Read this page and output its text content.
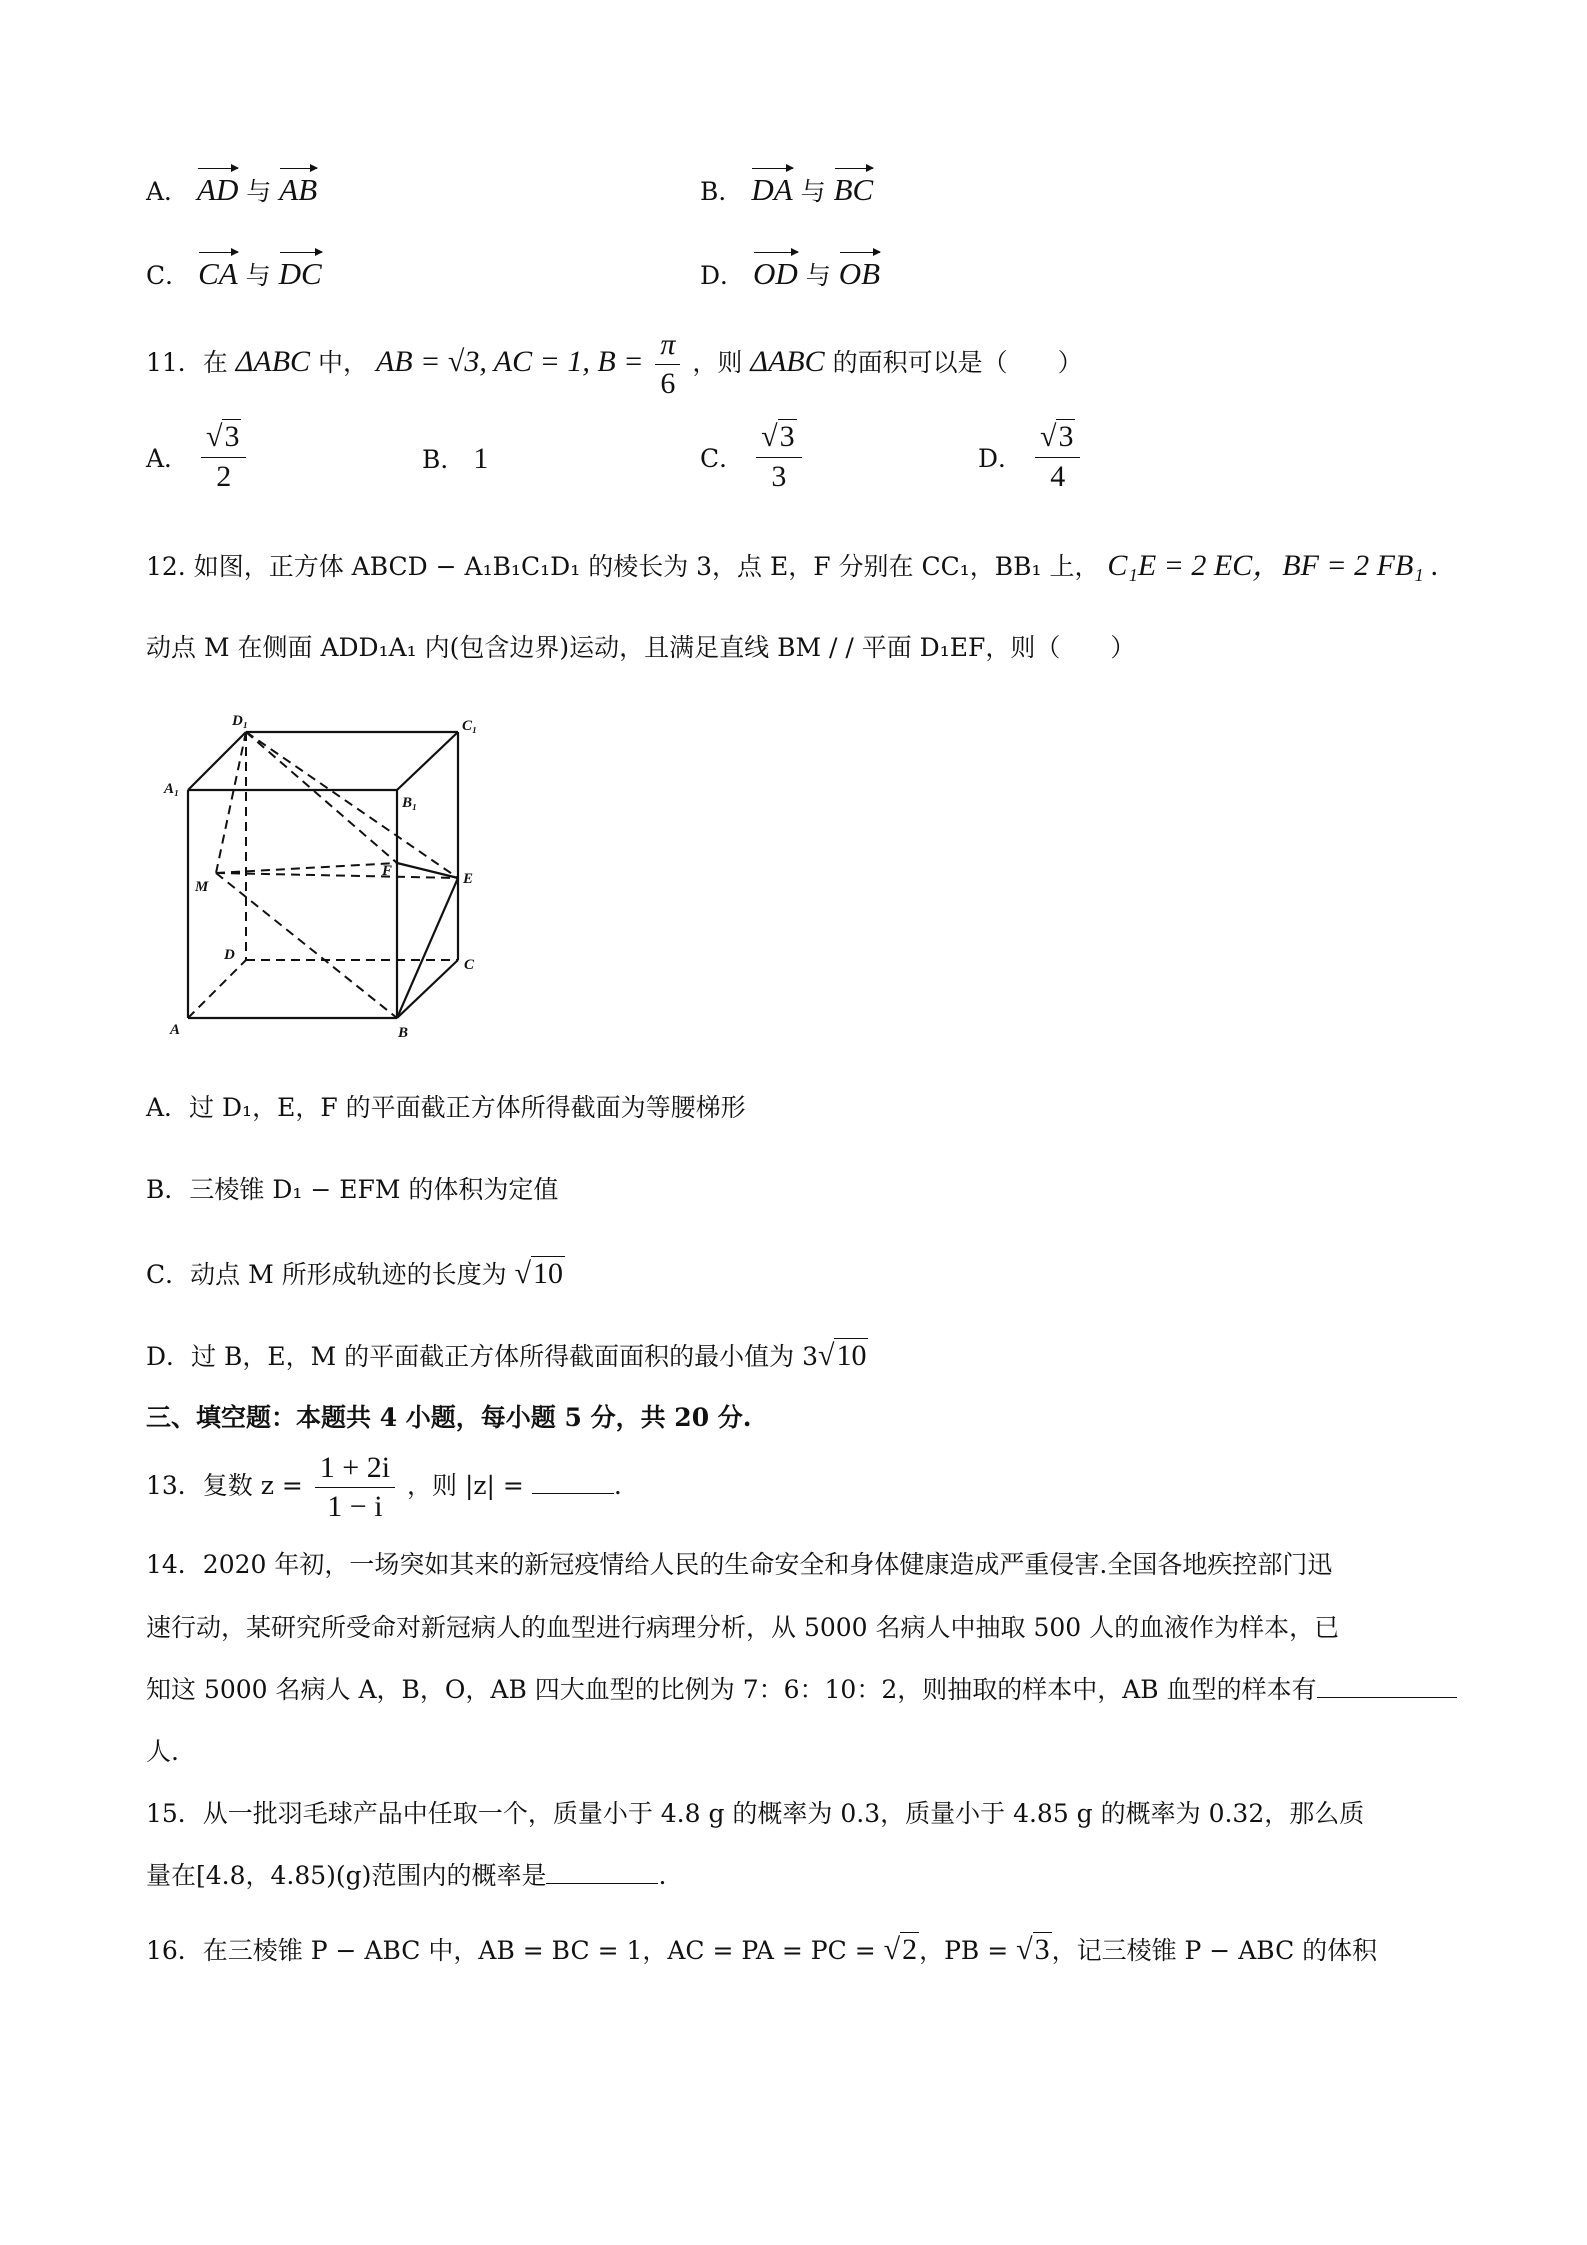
A． AD 与 AB	B． DA 与 BC
C． CA 与 DC	D． OD 与 OB
11．在 ΔABC 中， AB = √3, AC = 1, $B = \frac{\pi}{6}$ ，则 ΔABC 的面积可以是（　　）
A． $\frac{√3}{2}$	B． 1	C． $\frac{√3}{3}$	D． $\frac{√3}{4}$
12. 如图，正方体 ABCD − A₁B₁C₁D₁ 的棱长为 3，点 E，F 分别在 CC₁，BB₁ 上， C₁E = 2 EC，BF = 2 FB₁ .
动点 M 在侧面 ADD₁A₁ 内(包含边界)运动，且满足直线 BM / / 平面 D₁EF，则（　　）
D₁	C₁
A₁
B₁
M
F	E
D
C
A	B
A．过 D₁，E，F 的平面截正方体所得截面为等腰梯形
B．三棱锥 D₁ − EFM 的体积为定值
C．动点 M 所形成轨迹的长度为 √10
D．过 B，E，M 的平面截正方体所得截面面积的最小值为 3√10
三、填空题：本题共 4 小题，每小题 5 分，共 20 分.
13．复数 $z = \frac{1 + 2i}{1 - i}$ ，则 |z| =	.
14．2020 年初，一场突如其来的新冠疫情给人民的生命安全和身体健康造成严重侵害.全国各地疾控部门迅
速行动，某研究所受命对新冠病人的血型进行病理分析，从 5000 名病人中抽取 500 人的血液作为样本，已
知这 5000 名病人 A，B，O，AB 四大血型的比例为 7：6：10：2，则抽取的样本中，AB 血型的样本有
人.
15．从一批羽毛球产品中任取一个，质量小于 4.8 g 的概率为 0.3，质量小于 4.85 g 的概率为 0.32，那么质
量在[4.8，4.85)(g)范围内的概率是	.
16．在三棱锥 P − ABC 中，AB = BC = 1，AC = PA = PC = √2，PB = √3，记三棱锥 P − ABC 的体积
